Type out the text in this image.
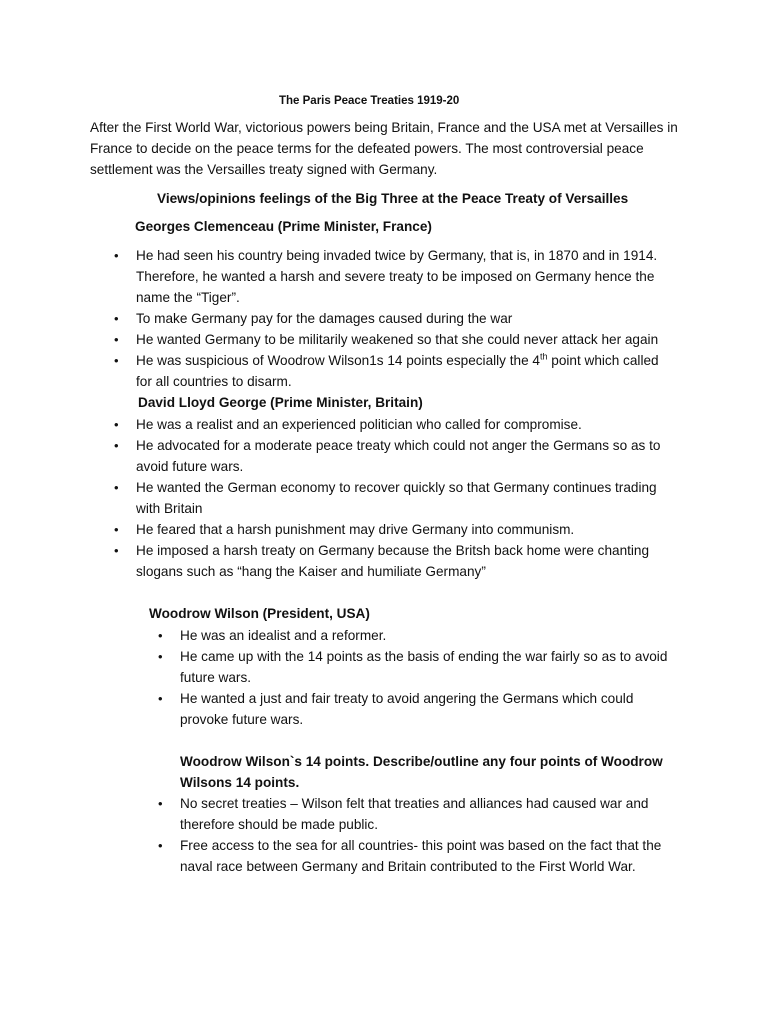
The Paris Peace Treaties 1919-20

After the First World War, victorious powers being Britain, France and the USA met at Versailles in France to decide on the peace terms for the defeated powers. The most controversial peace settlement was the Versailles treaty signed with Germany.

Views/opinions feelings of the Big Three at the Peace Treaty of Versailles

Georges Clemenceau (Prime Minister, France)

• He had seen his country being invaded twice by Germany, that is, in 1870 and in 1914. Therefore, he wanted a harsh and severe treaty to be imposed on Germany hence the name the “Tiger”.
• To make Germany pay for the damages caused during the war
• He wanted Germany to be militarily weakened so that she could never attack her again
• He was suspicious of Woodrow Wilson1s 14 points especially the 4th point which called for all countries to disarm.

David Lloyd George (Prime Minister, Britain)

• He was a realist and an experienced politician who called for compromise.
• He advocated for a moderate peace treaty which could not anger the Germans so as to avoid future wars.
• He wanted the German economy to recover quickly so that Germany continues trading with Britain
• He feared that a harsh punishment may drive Germany into communism.
• He imposed a harsh treaty on Germany because the Britsh back home were chanting slogans such as “hang the Kaiser and humiliate Germany”

Woodrow Wilson (President, USA)

• He was an idealist and a reformer.
• He came up with the 14 points as the basis of ending the war fairly so as to avoid future wars.
• He wanted a just and fair treaty to avoid angering the Germans which could provoke future wars.

Woodrow Wilson`s 14 points. Describe/outline any four points of Woodrow Wilsons 14 points.

• No secret treaties – Wilson felt that treaties and alliances had caused war and therefore should be made public.
• Free access to the sea for all countries- this point was based on the fact that the naval race between Germany and Britain contributed to the First World War.
